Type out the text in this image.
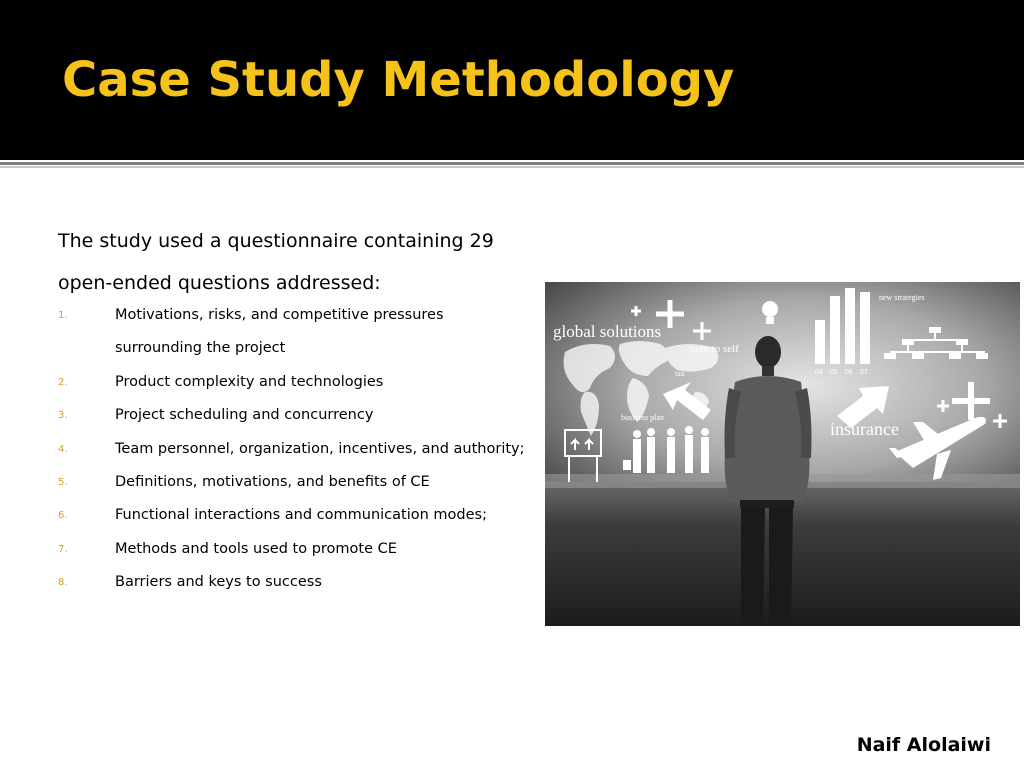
Case Study Methodology
The study used a questionnaire containing 29
open-ended questions addressed:
1.	Motivations, risks, and competitive pressures
surrounding the project
2.	Product complexity and technologies
3.	Project scheduling and concurrency
4.	Team personnel, organization, incentives, and authority;
5.	Definitions, motivations, and benefits of CE
6.	Functional interactions and communication modes;
7.	Methods and tools used to promote CE
8.	Barriers and keys to success
global solutions
note to self
tax
business plan
new strategies
insurance
04 05 06 07
Naif Alolaiwi
